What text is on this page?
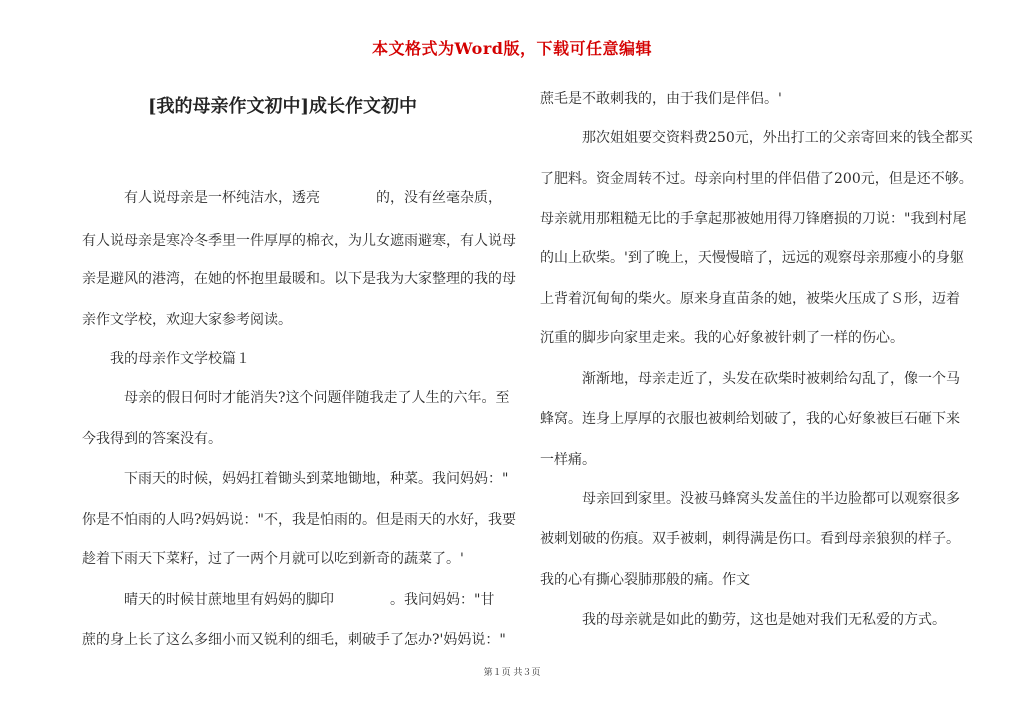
本文格式为Word版，下载可任意编辑
[我的母亲作文初中]成长作文初中
有人说母亲是一杯纯洁水，透亮　　　　的，没有丝毫杂质，
有人说母亲是寒冷冬季里一件厚厚的棉衣，为儿女遮雨避寒，有人说母
亲是避风的港湾，在她的怀抱里最暖和。以下是我为大家整理的我的母
亲作文学校，欢迎大家参考阅读。
我的母亲作文学校篇１
母亲的假日何时才能消失?这个问题伴随我走了人生的六年。至
今我得到的答案没有。
下雨天的时候，妈妈扛着锄头到菜地锄地，种菜。我问妈妈："
你是不怕雨的人吗?妈妈说："不，我是怕雨的。但是雨天的水好，我要
趁着下雨天下菜籽，过了一两个月就可以吃到新奇的蔬菜了。'
晴天的时候甘蔗地里有妈妈的脚印　　　　。我问妈妈："甘
蔗的身上长了这么多细小而又锐利的细毛，刺破手了怎办?'妈妈说："
蔗毛是不敢刺我的，由于我们是伴侣。'
那次姐姐要交资料费250元，外出打工的父亲寄回来的钱全都买
了肥料。资金周转不过。母亲向村里的伴侣借了200元，但是还不够。
母亲就用那粗糙无比的手拿起那被她用得刀锋磨损的刀说："我到村尾
的山上砍柴。'到了晚上，天慢慢暗了，远远的观察母亲那瘦小的身躯
上背着沉甸甸的柴火。原来身直苗条的她，被柴火压成了Ｓ形，迈着
沉重的脚步向家里走来。我的心好象被针刺了一样的伤心。
渐渐地，母亲走近了，头发在砍柴时被刺给勾乱了，像一个马
蜂窝。连身上厚厚的衣服也被刺给划破了，我的心好象被巨石砸下来
一样痛。
母亲回到家里。没被马蜂窝头发盖住的半边脸都可以观察很多
被刺划破的伤痕。双手被刺，刺得满是伤口。看到母亲狼狈的样子。
我的心有撕心裂肺那般的痛。作文
我的母亲就是如此的勤劳，这也是她对我们无私爱的方式。
第１页 共３页
